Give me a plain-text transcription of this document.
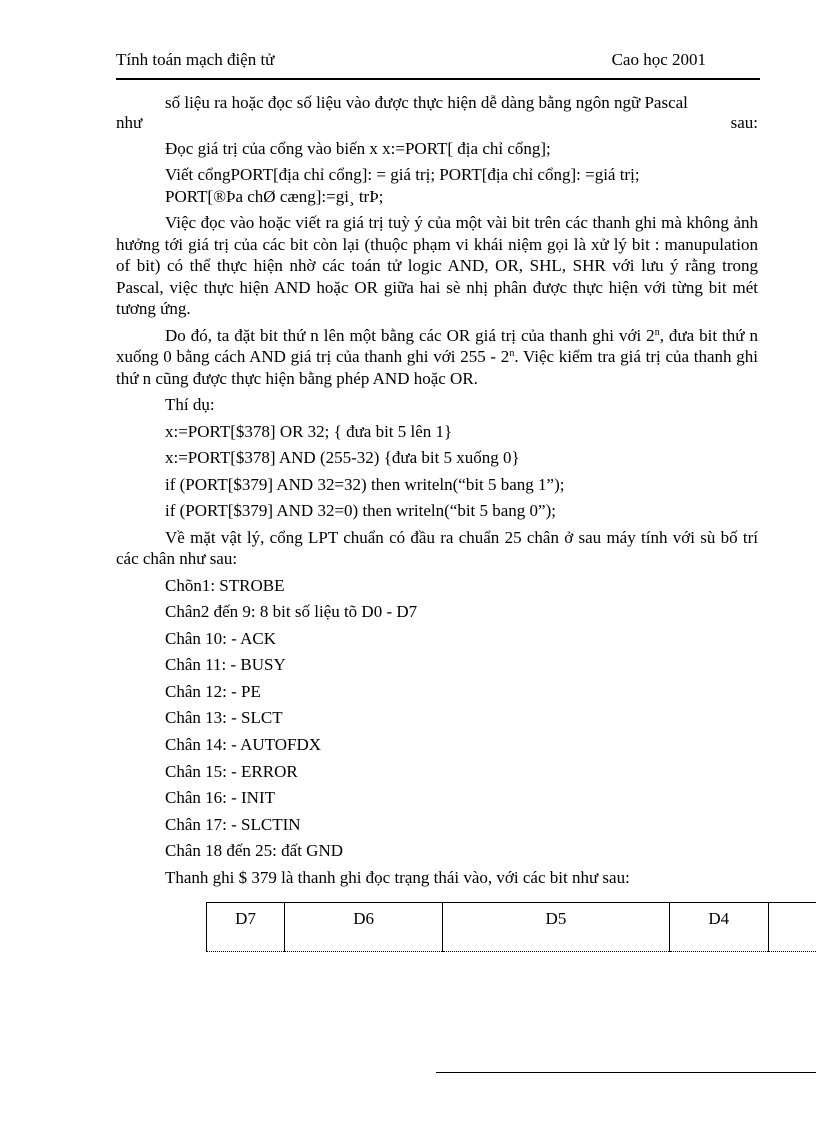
Tính toán mạch điện tử	Cao học 2001
số liệu ra hoặc đọc số liệu vào được thực hiện dễ dàng bằng ngôn ngữ Pascal
như	sau:
Đọc giá trị của cổng vào biến x x:=PORT[ địa chỉ cổng];
Viết cổngPORT[địa chỉ cổng]: = giá trị; PORT[địa chỉ cổng]: =giá trị;
PORT[®Þa chØ cæng]:=gi¸ trÞ;
Việc đọc vào hoặc viết ra giá trị tuỳ ý của một vài bit trên các thanh ghi mà không ảnh hưởng tới giá trị của các bit còn lại (thuộc phạm vi khái niệm gọi là xử lý bit : manupulation of bit) có thể thực hiện nhờ các toán tử logic AND, OR, SHL, SHR với lưu ý rằng trong Pascal, việc thực hiện AND hoặc OR giữa hai sè nhị phân được thực hiện với từng bit mét tương ứng.
Do đó, ta đặt bit thứ n lên một bằng các OR giá trị của thanh ghi với 2$^n$, đưa bit thứ n xuống 0 bằng cách AND giá trị của thanh ghi với 255 - 2$^n$. Việc kiểm tra giá trị của thanh ghi thứ n cũng được thực hiện bằng phép AND hoặc OR.
Thí dụ:
x:=PORT[$378] OR 32; { đưa bit 5 lên 1}
x:=PORT[$378] AND (255-32) {đưa bit 5 xuống 0}
if (PORT[$379] AND 32=32) then writeln(“bit 5 bang 1”);
if (PORT[$379] AND 32=0) then writeln(“bit 5 bang 0”);
Về mặt vật lý, cổng LPT chuẩn có đầu ra chuẩn 25 chân ở sau máy tính với sù bố trí các chân như sau:
Chõn1: STROBE
Chân2 đến 9: 8 bit số liệu tõ D0 - D7
Chân 10: - ACK
Chân 11: - BUSY
Chân 12: - PE
Chân 13: - SLCT
Chân 14: - AUTOFDX
Chân 15: - ERROR
Chân 16: - INIT
Chân 17: - SLCTIN
Chân 18 đến 25: đất GND
Thanh ghi $ 379 là thanh ghi đọc trạng thái vào, với các bit như sau:
D7	D6	D5	D4	
